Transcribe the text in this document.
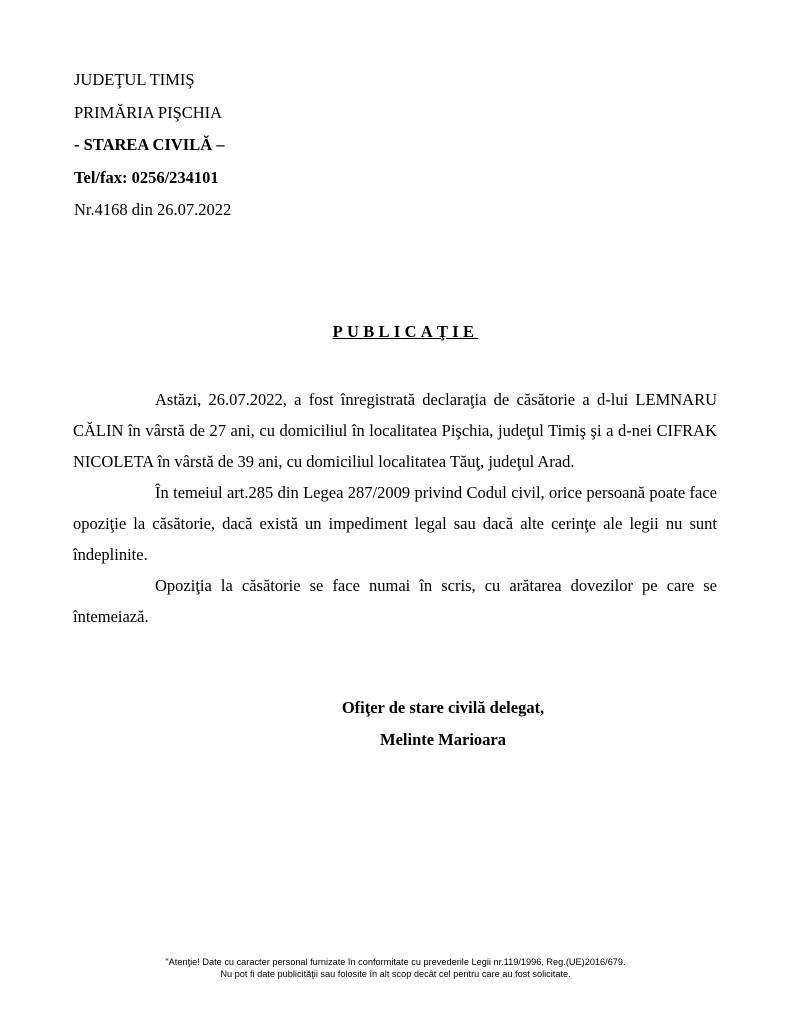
JUDEŢUL TIMIŞ
PRIMĂRIA PIŞCHIA
- STAREA CIVILĂ –
Tel/fax: 0256/234101
Nr.4168 din 26.07.2022
PUBLICAŢIE

Astăzi, 26.07.2022, a fost înregistrată declaraţia de căsătorie a d-lui LEMNARU CĂLIN în vârstă de 27 ani, cu domiciliul în localitatea Pişchia, judeţul Timiş şi a d-nei CIFRAK NICOLETA în vârstă de 39 ani, cu domiciliul localitatea Tăuţ, judeţul Arad.

În temeiul art.285 din Legea 287/2009 privind Codul civil, orice persoană poate face opoziţie la căsătorie, dacă există un impediment legal sau dacă alte cerinţe ale legii nu sunt îndeplinite.

Opoziţia la căsătorie se face numai în scris, cu arătarea dovezilor pe care se întemeiază.

Ofiţer de stare civilă delegat,
Melinte Marioara
"Atenţie! Date cu caracter personal furnizate în conformitate cu prevederile Legii nr.119/1996, Reg.(UE)2016/679.
Nu pot fi date publicităţii sau folosite în alt scop decât cel pentru care au fost solicitate.
